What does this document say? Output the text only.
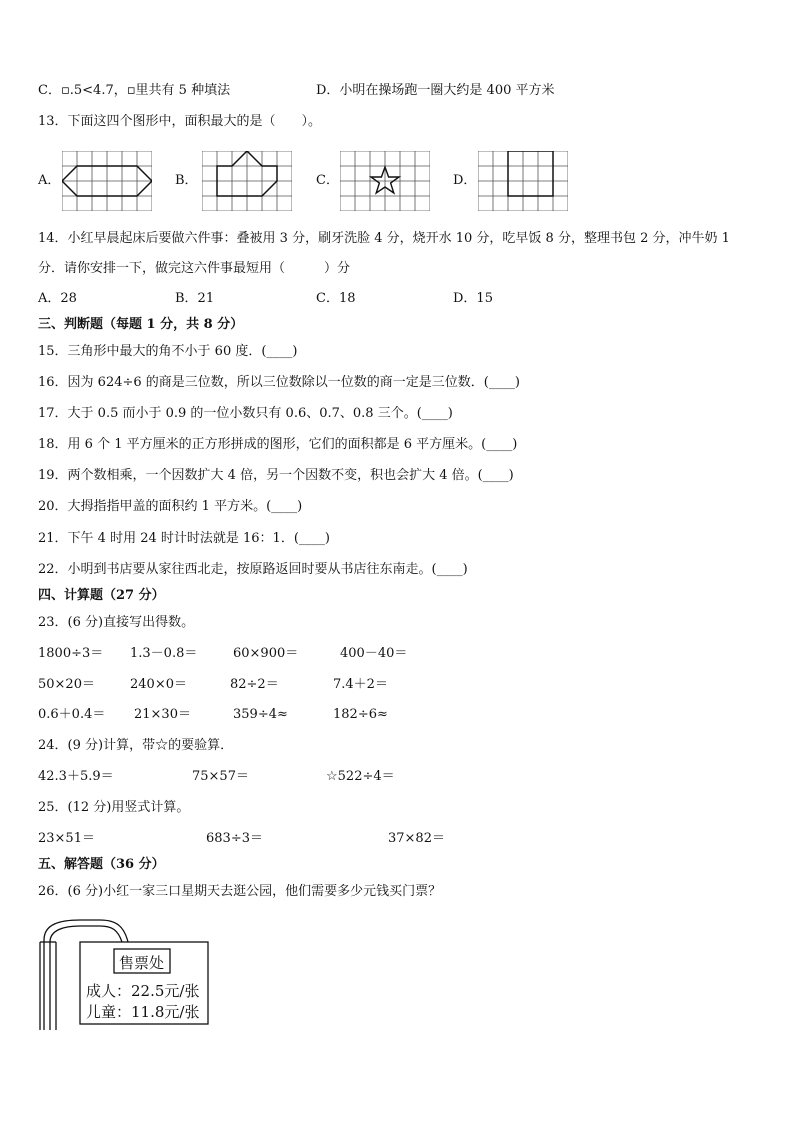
C．▫.5<4.7，▫里共有 5 种填法	D．小明在操场跑一圈大约是 400 平方米
13．下面这四个图形中，面积最大的是（　　）。
A．	B．	C．	D．
14．小红早晨起床后要做六件事：叠被用 3 分，刷牙洗脸 4 分，烧开水 10 分，吃早饭 8 分，整理书包 2 分，冲牛奶 1
分．请你安排一下，做完这六件事最短用（　　　）分
A．28	B．21	C．18	D．15
三、判断题（每题 1 分，共 8 分）
15．三角形中最大的角不小于 60 度．(____)
16．因为 624÷6 的商是三位数，所以三位数除以一位数的商一定是三位数．(____)
17．大于 0.5 而小于 0.9 的一位小数只有 0.6、0.7、0.8 三个。(____)
18．用 6 个 1 平方厘米的正方形拼成的图形，它们的面积都是 6 平方厘米。(____)
19．两个数相乘，一个因数扩大 4 倍，另一个因数不变，积也会扩大 4 倍。(____)
20．大拇指指甲盖的面积约 1 平方米。(____)
21．下午 4 时用 24 时计时法就是 16：1．(____)
22．小明到书店要从家往西北走，按原路返回时要从书店往东南走。(____)
四、计算题（27 分）
23．(6 分)直接写出得数。
1800÷3＝ 1.3－0.8＝	60×900＝	400－40＝
50×20＝	240×0＝	82÷2＝	7.4＋2＝
0.6＋0.4＝ 21×30＝	359÷4≈	182÷6≈
24．(9 分)计算，带☆的要验算．
42.3＋5.9＝	75×57＝	☆522÷4＝
25．(12 分)用竖式计算。
23×51＝	683÷3＝	37×82＝
五、解答题（36 分）
26．(6 分)小红一家三口星期天去逛公园，他们需要多少元钱买门票？
售票处
成人：22.5元/张
儿童：11.8元/张
